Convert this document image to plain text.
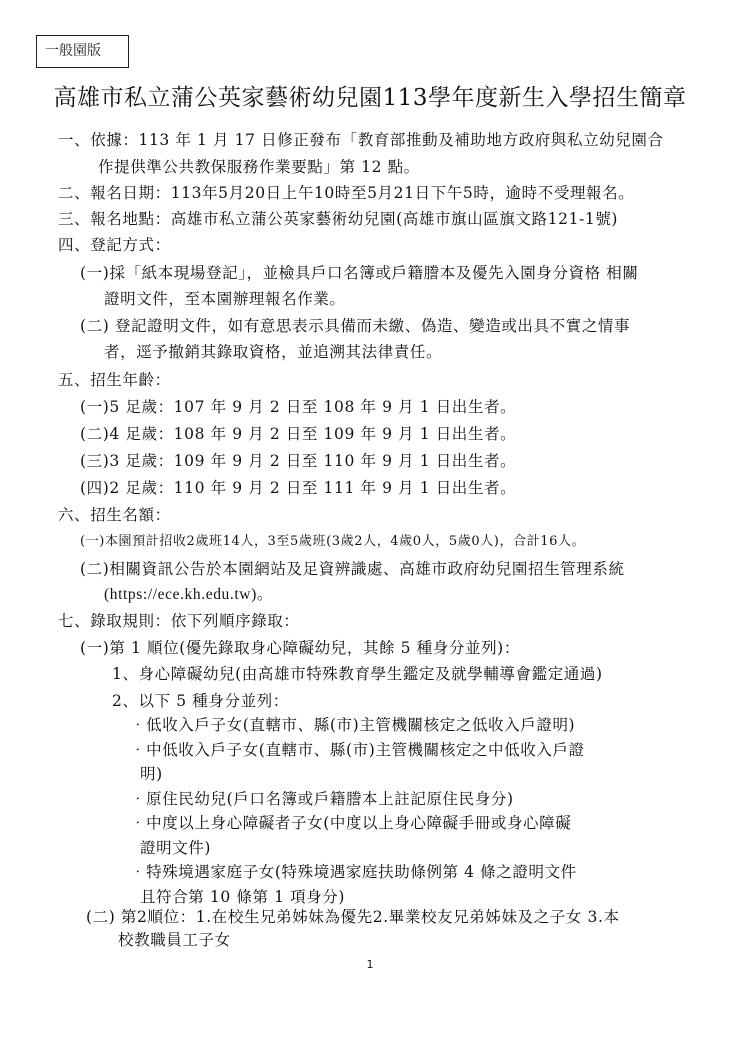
一般園版
高雄市私立蒲公英家藝術幼兒園113學年度新生入學招生簡章
一、依據：113 年 1 月 17 日修正發布「教育部推動及補助地方政府與私立幼兒園合
作提供準公共教保服務作業要點」第 12 點。
二、報名日期：113年5月20日上午10時至5月21日下午5時，逾時不受理報名。
三、報名地點：高雄市私立蒲公英家藝術幼兒園(高雄市旗山區旗文路121-1號)
四、登記方式：
(一)採「紙本現場登記」，並檢具戶口名簿或戶籍謄本及優先入園身分資格 相關
證明文件，至本園辦理報名作業。
(二) 登記證明文件，如有意思表示具備而未繳、偽造、變造或出具不實之情事
者，逕予撤銷其錄取資格，並追溯其法律責任。
五、招生年齡：
(一)5 足歲：107 年 9 月 2 日至 108 年 9 月 1 日出生者。
(二)4 足歲：108 年 9 月 2 日至 109 年 9 月 1 日出生者。
(三)3 足歲：109 年 9 月 2 日至 110 年 9 月 1 日出生者。
(四)2 足歲：110 年 9 月 2 日至 111 年 9 月 1 日出生者。
六、招生名額：
(一)本園預計招收2歲班14人，3至5歲班(3歲2人，4歲0人，5歲0人)，合計16人。
(二)相關資訊公告於本園網站及足資辨識處、高雄市政府幼兒園招生管理系統
(https://ece.kh.edu.tw)。
七、錄取規則：依下列順序錄取：
(一)第 1 順位(優先錄取身心障礙幼兒，其餘 5 種身分並列)：
1、身心障礙幼兒(由高雄市特殊教育學生鑑定及就學輔導會鑑定通過)
2、以下 5 種身分並列：
‧低收入戶子女(直轄市、縣(市)主管機關核定之低收入戶證明)
‧中低收入戶子女(直轄市、縣(市)主管機關核定之中低收入戶證
明)
‧原住民幼兒(戶口名簿或戶籍謄本上註記原住民身分)
‧中度以上身心障礙者子女(中度以上身心障礙手冊或身心障礙
證明文件)
‧特殊境遇家庭子女(特殊境遇家庭扶助條例第 4 條之證明文件
且符合第 10 條第 1 項身分)
(二) 第2順位：1.在校生兄弟姊妹為優先2.畢業校友兄弟姊妹及之子女 3.本
校教職員工子女
1
